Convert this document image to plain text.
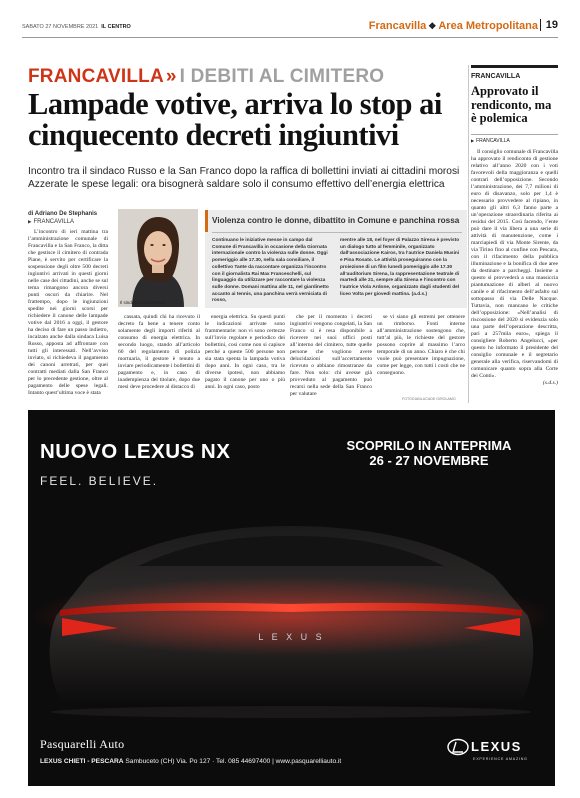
SABATO 27 NOVEMBRE 2021 IL CENTRO	Francavilla ❖ Area Metropolitana 19
FRANCAVILLA » I DEBITI AL CIMITERO
Lampade votive, arriva lo stop ai cinquecento decreti ingiuntivi
Incontro tra il sindaco Russo e la San Franco dopo la raffica di bollettini inviati ai cittadini morosi Azzerate le spese legali: ora bisognerà saldare solo il consumo effettivo dell’energia elettrica
di Adriano De Stephanis
▶ FRANCAVILLA

L’incontro di ieri mattina tra l’amministrazione comunale di Francavilla e la San Franco, la ditta che gestisce il cimitero di contrada Piane, è servito per certificare la sospensione degli oltre 500 decreti ingiuntivi arrivati in questi giorni nelle case dei cittadini, anche se sul tema rimangono ancora diversi punti oscuri da chiarire. Nel frattempo, dopo le ingiunzioni spedite nei giorni scorsi per richiedere il canone delle lampade votive dal 2016 a oggi, il gestore ha deciso di fare un passo indietro, incalzato anche dalla sindaca Luisa Russo, apposta ad affrontare con tutti gli interessati. Nell’avviso inviato, si richiedeva il pagamento dei canoni arretrati, per quei contratti mediati dalla San Franco per lo precedente gestione, oltre al pagamento delle spese legali. Intanto quest’ultima voce è stata

Il sindaco Luisa Russo
Violenza contro le donne, dibattito in Comune e panchina rossa
Continuano le iniziative messe in campo dal Comune di Francavilla in occasione della Giornata internazionale contro la violenza sulle donne. Oggi pomeriggio alle 17.30, nella sala consiliare, il collettivo Tante da raccontare organizza l’incontro con il giornalista Rai Max Franceschelli, sul linguaggio da utilizzare per raccontare la violenza sulle donne. Domani mattina alle 11, nel giardinetto accanto ai tennis, una panchina verrà verniciata di rosso,
mentre alle 18, nel foyer di Palazzo Sirena è previsto un dialogo tutto al femminile, organizzato dall’associazione Kairos, tra l’autrice Daniela Musini e Pina Rosato. Le attività proseguiranno con la proiezione di un film lunedì pomeriggio alle 17.30 all’auditorium Sirena, la rappresentazione teatrale di martedì alle 21, sempre alla Sirena e l’incontro con l’autrice Viola Ardone, organizzato dagli studenti del liceo Volta per giovedì mattina. (a.d.s.)

cassata, quindi chi ha ricevuto il decreto fa bene a tenere conto solamente degli importi riferiti al consumo di energia elettrica. In secondo luogo, stando all’articolo 60 del regolamento di polizia mortuaria, il gestore è tenuto a inviare periodicamente i bollettini di pagamento e, in caso di inadempienza del titolare, dopo due mesi deve procedere al distacco di

energia elettrica. Su questi punti le indicazioni arrivate sono frammentarie: non vi sono certezze sull’invio regolare e periodico dei bollettini, così come non si capisce perché a queste 500 persone non sia stata spenta la lampada votiva dopo anni. In ogni caso, tra le diverse ipotesi, non abbiamo pagato il canone per uno o più anni. In ogni caso, posto

che per il momento i decreti ingiuntivi vengono congelati, la San Franco si è resa disponibile a ricevere nei suoi uffici posti all’interno del cimitero, tutte quelle persone che vogliono avere delucidazioni sull’accertamento ricevuto o abbiano rimostranze da fare. Non solo: chi avesse già provveduto al pagamento può recarsi nella sede della San Franco per valutare

se vi siano gli estremi per ottenere un rimborso. Fonti interne all’amministrazione sostengono che, tutt’al più, le richieste del gestore possono coprire al massimo l’arco temporale di un anno. Chiaro è che chi vuole può presentare impugnazione, come per legge, con tutti i costi che ne conseguono.

FOTOGIANLUCADE GIROLAMO
FRANCAVILLA
Approvato il rendiconto, ma è polemica
▶ FRANCAVILLA

Il consiglio comunale di Francavilla ha approvato il rendiconto di gestione relativo all’anno 2020 con i voti favorevoli della maggioranza e quelli contrari dell’opposizione. Secondo l’amministrazione, dei 7,7 milioni di euro di disavanzo, solo per 1,4 è necessario provvedere al ripiano, in quanto gli altri 6,3 fanno parte a un’operazione straordinaria riferita ai residui del 2015. Così facendo, l’ente può dare il via libera a una serie di attività di manutenzione, come i marciapiedi di via Monte Sirente, da via Tirino fino al confine con Pescara, con il rifacimento della pubblica illuminazione e la bonifica di due aree da destinare a parcheggi. Insieme a questo si provvederà a una massiccia piantumazione di alberi al nuovo canile e al rifacimento dell’asfalto sul sottopasso di via Delle Nacque. Tuttavia, non mancano le critiche dell’opposizione: «Nell’analisi di riscossione del 2020 si evidenzia solo una parte dell’operazione descritta, pari a 257mila euro», spiega il consigliere Roberto Angelucci, «per questo ho informato il presidente del consiglio comunale e il segretario generale alla verifica, riservandomi di comunicare quanto sopra alla Corte dei Conti».

(s.d.s.)
NUOVO LEXUS NX
FEEL. BELIEVE.
SCOPRILO IN ANTEPRIMA
26 - 27 NOVEMBRE
L E X U S
Pasquarelli Auto
LEXUS CHIETI - PESCARA Sambuceto (CH) Via. Po 127 · Tel. 085 44697400 | www.pasquarelliauto.it
LEXUS
EXPERIENCE AMAZING
